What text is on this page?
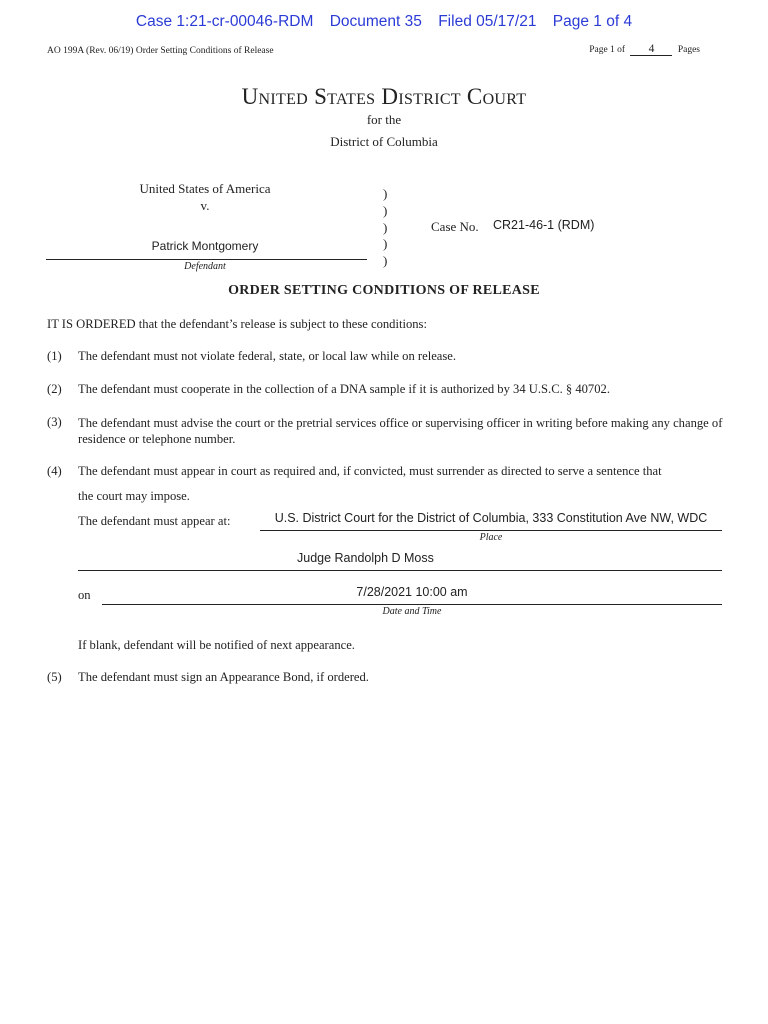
Case 1:21-cr-00046-RDM Document 35 Filed 05/17/21 Page 1 of 4
AO 199A (Rev. 06/19) Order Setting Conditions of Release	Page 1 of 4 Pages
United States District Court
for the
District of Columbia
United States of America
v.
Patrick Montgomery
Defendant
)
)
)
)
)
Case No. CR21-46-1 (RDM)
ORDER SETTING CONDITIONS OF RELEASE
IT IS ORDERED that the defendant’s release is subject to these conditions:
(1) The defendant must not violate federal, state, or local law while on release.
(2) The defendant must cooperate in the collection of a DNA sample if it is authorized by 34 U.S.C. § 40702.
(3) The defendant must advise the court or the pretrial services office or supervising officer in writing before making any change of residence or telephone number.
(4) The defendant must appear in court as required and, if convicted, must surrender as directed to serve a sentence that
the court may impose.
The defendant must appear at:	U.S. District Court for the District of Columbia, 333 Constitution Ave NW, WDC
Place
Judge Randolph D Moss
on	7/28/2021 10:00 am
Date and Time
If blank, defendant will be notified of next appearance.
(5) The defendant must sign an Appearance Bond, if ordered.
